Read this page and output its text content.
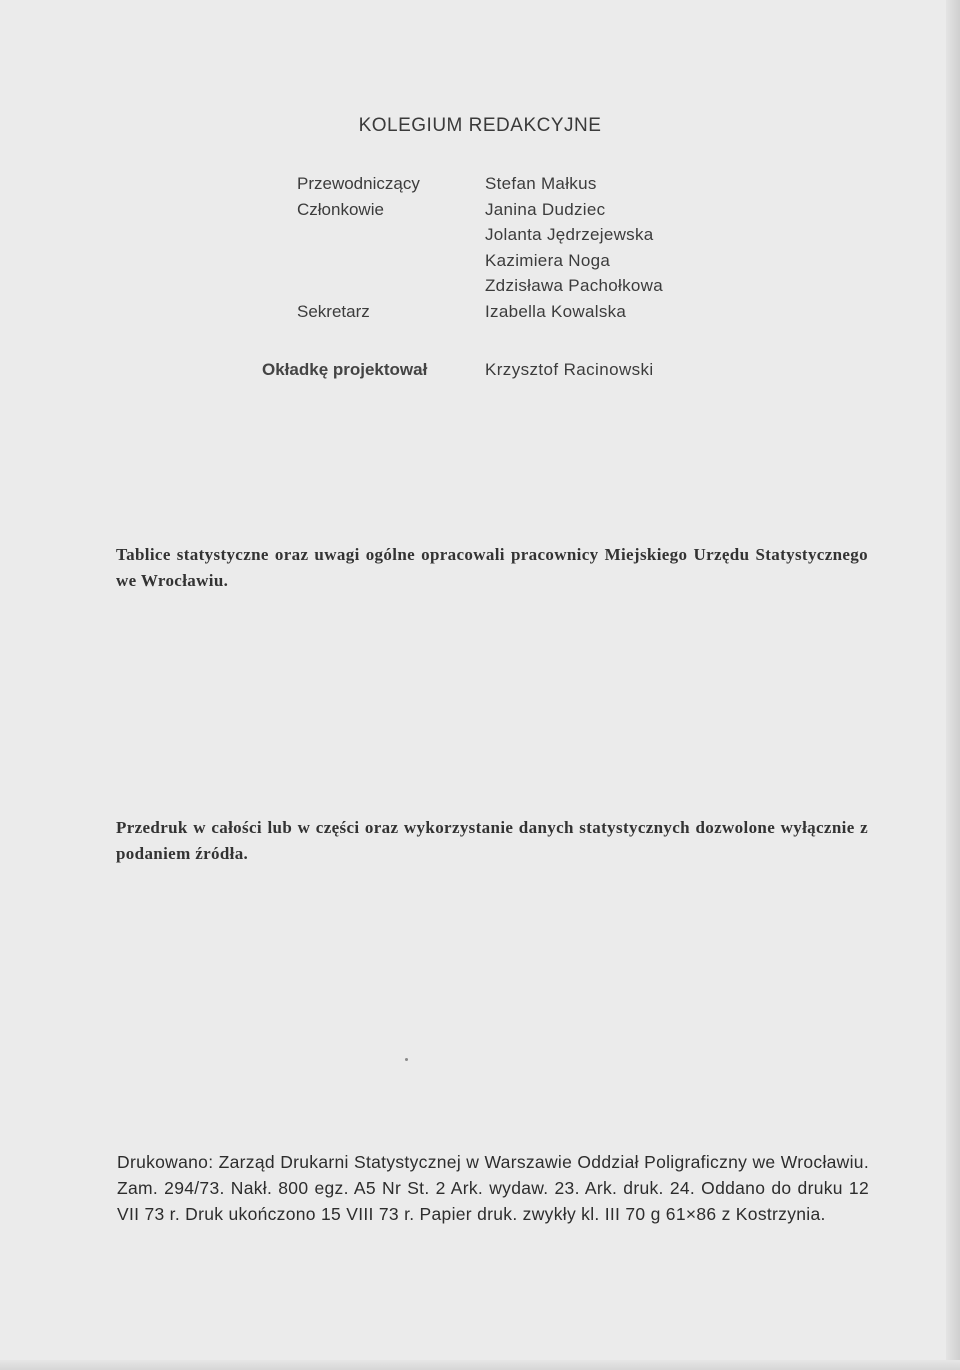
KOLEGIUM REDAKCYJNE
Przewodniczący	Stefan Małkus
Członkowie	Janina Dudziec
Jolanta Jędrzejewska
Kazimiera Noga
Zdzisława Pachołkowa
Sekretarz	Izabella Kowalska
Okładkę projektował	Krzysztof Racinowski

Tablice statystyczne oraz uwagi ogólne opracowali pracownicy Miejskiego Urzędu Statystycznego we Wrocławiu.

Przedruk w całości lub w części oraz wykorzystanie danych statystycznych dozwolone wyłącznie z podaniem źródła.

Drukowano: Zarząd Drukarni Statystycznej w Warszawie Oddział Poligraficzny we Wrocławiu. Zam. 294/73. Nakł. 800 egz. A5 Nr St. 2 Ark. wydaw. 23. Ark. druk. 24. Oddano do druku 12 VII 73 r. Druk ukończono 15 VIII 73 r. Papier druk. zwykły kl. III 70 g 61×86 z Kostrzynia.
